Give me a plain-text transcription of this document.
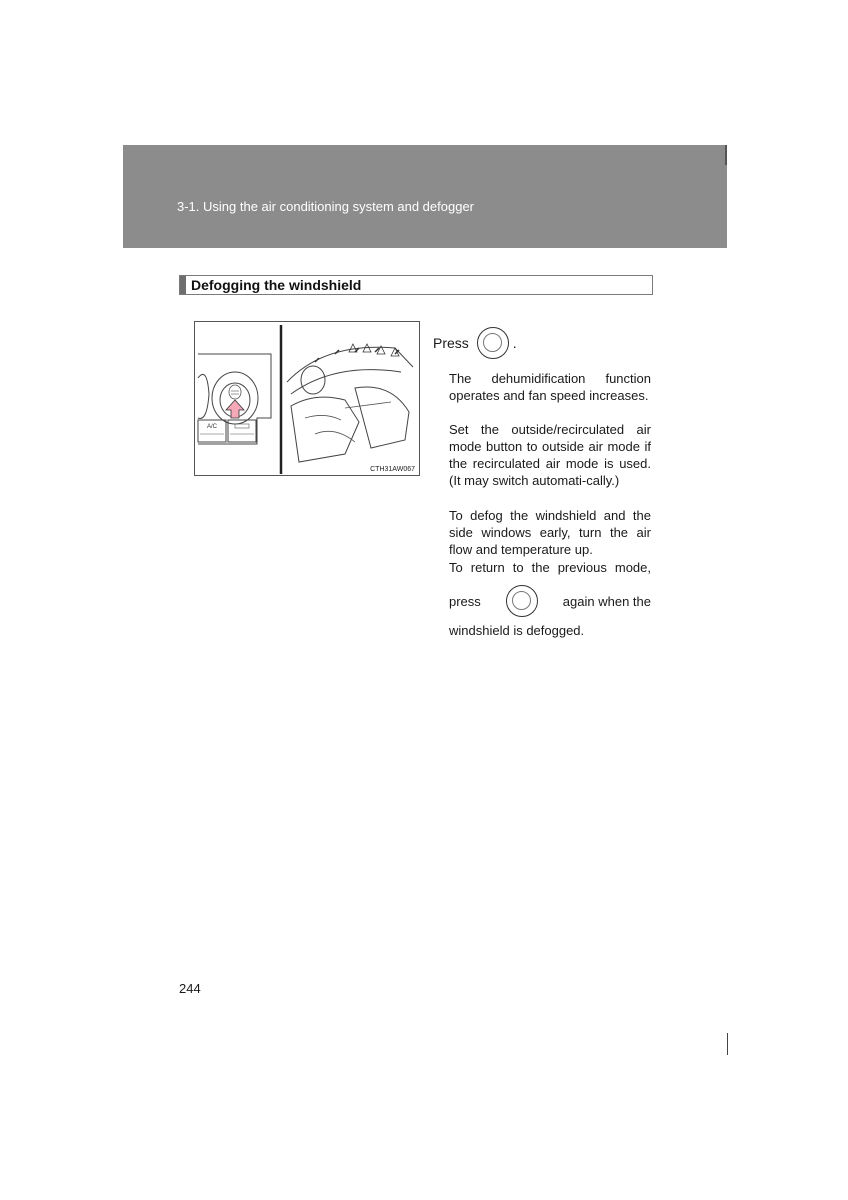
3-1. Using the air conditioning system and defogger
Defogging the windshield
A/C
CTH31AW067
Press	.

The dehumidification function operates and fan speed increases.

Set the outside/recirculated air mode button to outside air mode if the recirculated air mode is used. (It may switch automati-cally.)

To defog the windshield and the side windows early, turn the air flow and temperature up.

To return to the previous mode,
press	again when the
windshield is defogged.
244
